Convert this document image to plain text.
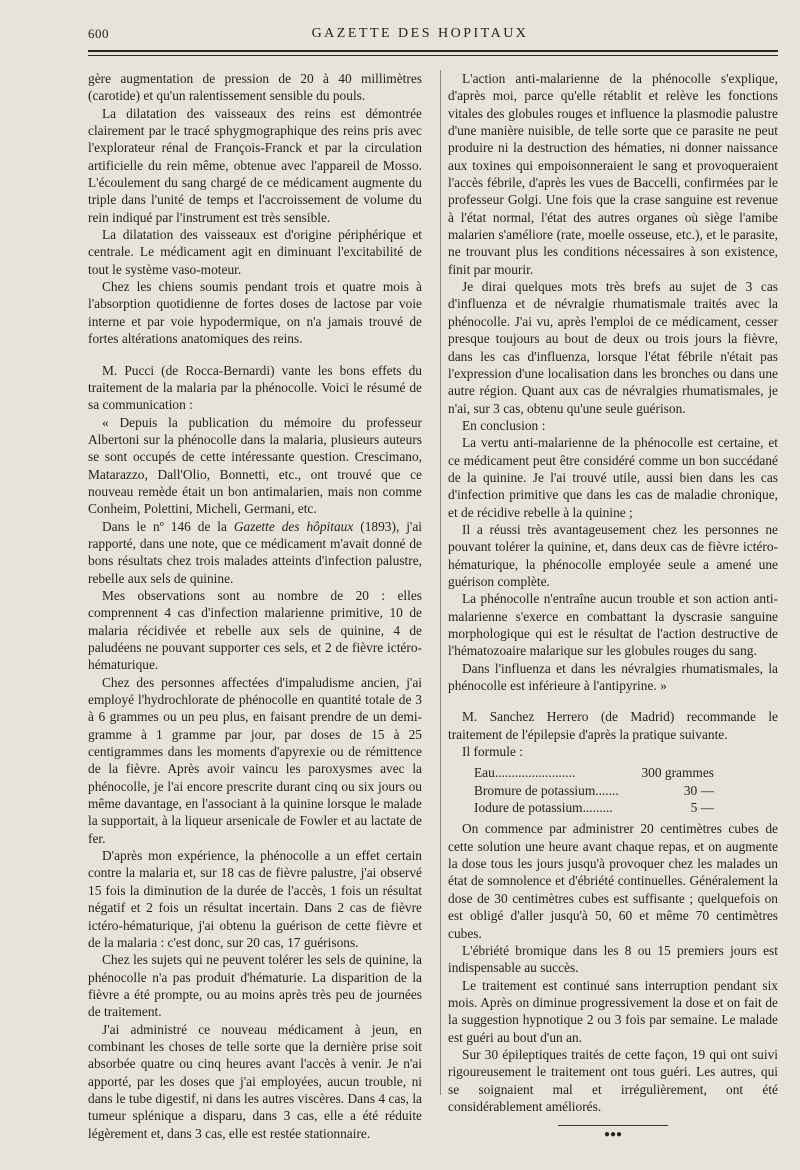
600	GAZETTE DES HOPITAUX

gère augmentation de pression de 20 à 40 millimètres (carotide) et qu'un ralentissement sensible du pouls.

La dilatation des vaisseaux des reins est démontrée clairement par le tracé sphygmographique des reins pris avec l'explorateur rénal de François-Franck et par la circulation artificielle du rein même, obtenue avec l'appareil de Mosso. L'écoulement du sang chargé de ce médicament augmente du triple dans l'unité de temps et l'accroissement de volume du rein indiqué par l'instrument est très sensible.

La dilatation des vaisseaux est d'origine périphérique et centrale. Le médicament agit en diminuant l'excitabilité de tout le système vaso-moteur.

Chez les chiens soumis pendant trois et quatre mois à l'absorption quotidienne de fortes doses de lactose par voie interne et par voie hypodermique, on n'a jamais trouvé de fortes altérations anatomiques des reins.

M. Pucci (de Rocca-Bernardi) vante les bons effets du traitement de la malaria par la phénocolle. Voici le résumé de sa communication :

« Depuis la publication du mémoire du professeur Albertoni sur la phénocolle dans la malaria, plusieurs auteurs se sont occupés de cette intéressante question. Crescimano, Matarazzo, Dall'Olio, Bonnetti, etc., ont trouvé que ce nouveau remède était un bon antimalarien, mais non comme Conheim, Polettini, Micheli, Germani, etc.

Dans le nº 146 de la Gazette des hôpitaux (1893), j'ai rapporté, dans une note, que ce médicament m'avait donné de bons résultats chez trois malades atteints d'infection palustre, rebelle aux sels de quinine.

Mes observations sont au nombre de 20 : elles comprennent 4 cas d'infection malarienne primitive, 10 de malaria récidivée et rebelle aux sels de quinine, 4 de paludéens ne pouvant supporter ces sels, et 2 de fièvre ictéro-hématurique.

Chez des personnes affectées d'impaludisme ancien, j'ai employé l'hydrochlorate de phénocolle en quantité totale de 3 à 6 grammes ou un peu plus, en faisant prendre de un demi-gramme à 1 gramme par jour, par doses de 15 à 25 centigrammes dans les moments d'apyrexie ou de rémittence de la fièvre. Après avoir vaincu les paroxysmes avec la phénocolle, je l'ai encore prescrite durant cinq ou six jours ou même davantage, en l'associant à la quinine lorsque le malade la supportait, à la liqueur arsenicale de Fowler et au lactate de fer.

D'après mon expérience, la phénocolle a un effet certain contre la malaria et, sur 18 cas de fièvre palustre, j'ai observé 15 fois la diminution de la durée de l'accès, 1 fois un résultat négatif et 2 fois un résultat incertain. Dans 2 cas de fièvre ictéro-hématurique, j'ai obtenu la guérison de cette fièvre et de la malaria : c'est donc, sur 20 cas, 17 guérisons.

Chez les sujets qui ne peuvent tolérer les sels de quinine, la phénocolle n'a pas produit d'hématurie. La disparition de la fièvre a été prompte, ou au moins après très peu de journées de traitement.

J'ai administré ce nouveau médicament à jeun, en combinant les choses de telle sorte que la dernière prise soit absorbée quatre ou cinq heures avant l'accès à venir. Je n'ai apporté, par les doses que j'ai employées, aucun trouble, ni dans le tube digestif, ni dans les autres viscères. Dans 4 cas, la tumeur splénique a disparu, dans 3 cas, elle a été réduite légèrement et, dans 3 cas, elle est restée stationnaire.

L'action anti-malarienne de la phénocolle s'explique, d'après moi, parce qu'elle rétablit et relève les fonctions vitales des globules rouges et influence la plasmodie palustre d'une manière nuisible, de telle sorte que ce parasite ne peut produire ni la destruction des hématies, ni donner naissance aux toxines qui empoisonneraient le sang et provoqueraient l'accès fébrile, d'après les vues de Baccelli, confirmées par le professeur Golgi. Une fois que la crase sanguine est revenue à l'état normal, l'état des autres organes où siège l'amibe malarien s'améliore (rate, moelle osseuse, etc.), et le parasite, ne trouvant plus les conditions nécessaires à son existence, finit par mourir.

Je dirai quelques mots très brefs au sujet de 3 cas d'influenza et de névralgie rhumatismale traités avec la phénocolle. J'ai vu, après l'emploi de ce médicament, cesser presque toujours au bout de deux ou trois jours la fièvre, dans les cas d'influenza, lorsque l'état fébrile n'était pas l'expression d'une localisation dans les bronches ou dans une autre région. Quant aux cas de névralgies rhumatismales, je n'ai, sur 3 cas, obtenu qu'une seule guérison.

En conclusion :

La vertu anti-malarienne de la phénocolle est certaine, et ce médicament peut être considéré comme un bon succédané de la quinine. Je l'ai trouvé utile, aussi bien dans les cas d'infection primitive que dans les cas de maladie chronique, et de récidive rebelle à la quinine ;

Il a réussi très avantageusement chez les personnes ne pouvant tolérer la quinine, et, dans deux cas de fièvre ictéro-hématurique, la phénocolle employée seule a amené une guérison complète.

La phénocolle n'entraîne aucun trouble et son action anti-malarienne s'exerce en combattant la dyscrasie sanguine morphologique qui est le résultat de l'action destructive de l'hématozoaire malarique sur les globules rouges du sang.

Dans l'influenza et dans les névralgies rhumatismales, la phénocolle est inférieure à l'antipyrine. »

M. Sanchez Herrero (de Madrid) recommande le traitement de l'épilepsie d'après la pratique suivante.

Il formule :

Eau........................	300 grammes
Bromure de potassium.......	30 —
Iodure de potassium.........	5 —

On commence par administrer 20 centimètres cubes de cette solution une heure avant chaque repas, et on augmente la dose tous les jours jusqu'à provoquer chez les malades un état de somnolence et d'ébriété continuelles. Généralement la dose de 30 centimètres cubes est suffisante ; quelquefois on est obligé d'aller jusqu'à 50, 60 et même 70 centimètres cubes.

L'ébriété bromique dans les 8 ou 15 premiers jours est indispensable au succès.

Le traitement est continué sans interruption pendant six mois. Après on diminue progressivement la dose et on fait de la suggestion hypnotique 2 ou 3 fois par semaine. Le malade est guéri au bout d'un an.

Sur 30 épileptiques traités de cette façon, 19 qui ont suivi rigoureusement le traitement ont tous guéri. Les autres, qui se soignaient mal et irrégulièrement, ont été considérablement améliorés.

●●●
